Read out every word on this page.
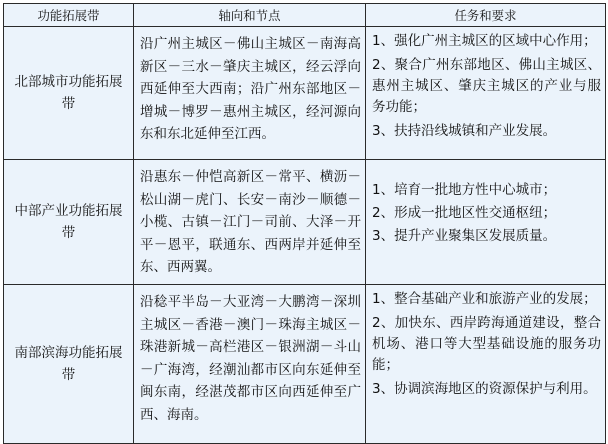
功能拓展带	轴向和节点	任务和要求
北部城市功能拓展带	沿广州主城区－佛山主城区－南海高新区－三水－肇庆主城区，经云浮向西延伸至大西南；沿广州东部地区－增城－博罗－惠州主城区，经河源向东和东北延伸至江西。	1、强化广州主城区的区域中心作用；
2、聚合广州东部地区、佛山主城区、惠州主城区、肇庆主城区的产业与服务功能；
3、扶持沿线城镇和产业发展。

中部产业功能拓展带	沿惠东－仲恺高新区－常平、横沥－松山湖－虎门、长安－南沙－顺德－小榄、古镇－江门－司前、大泽－开平－恩平，联通东、西两岸并延伸至东、西两翼。	1、培育一批地方性中心城市；
2、形成一批地区性交通枢纽；
3、提升产业聚集区发展质量。

南部滨海功能拓展带	沿稔平半岛－大亚湾－大鹏湾－深圳主城区－香港－澳门－珠海主城区－珠港新城－高栏港区－银洲湖－斗山－广海湾，经潮汕都市区向东延伸至闽东南，经湛茂都市区向西延伸至广西、海南。	1、整合基础产业和旅游产业的发展；
2、加快东、西岸跨海通道建设，整合机场、港口等大型基础设施的服务功能；
3、协调滨海地区的资源保护与利用。
